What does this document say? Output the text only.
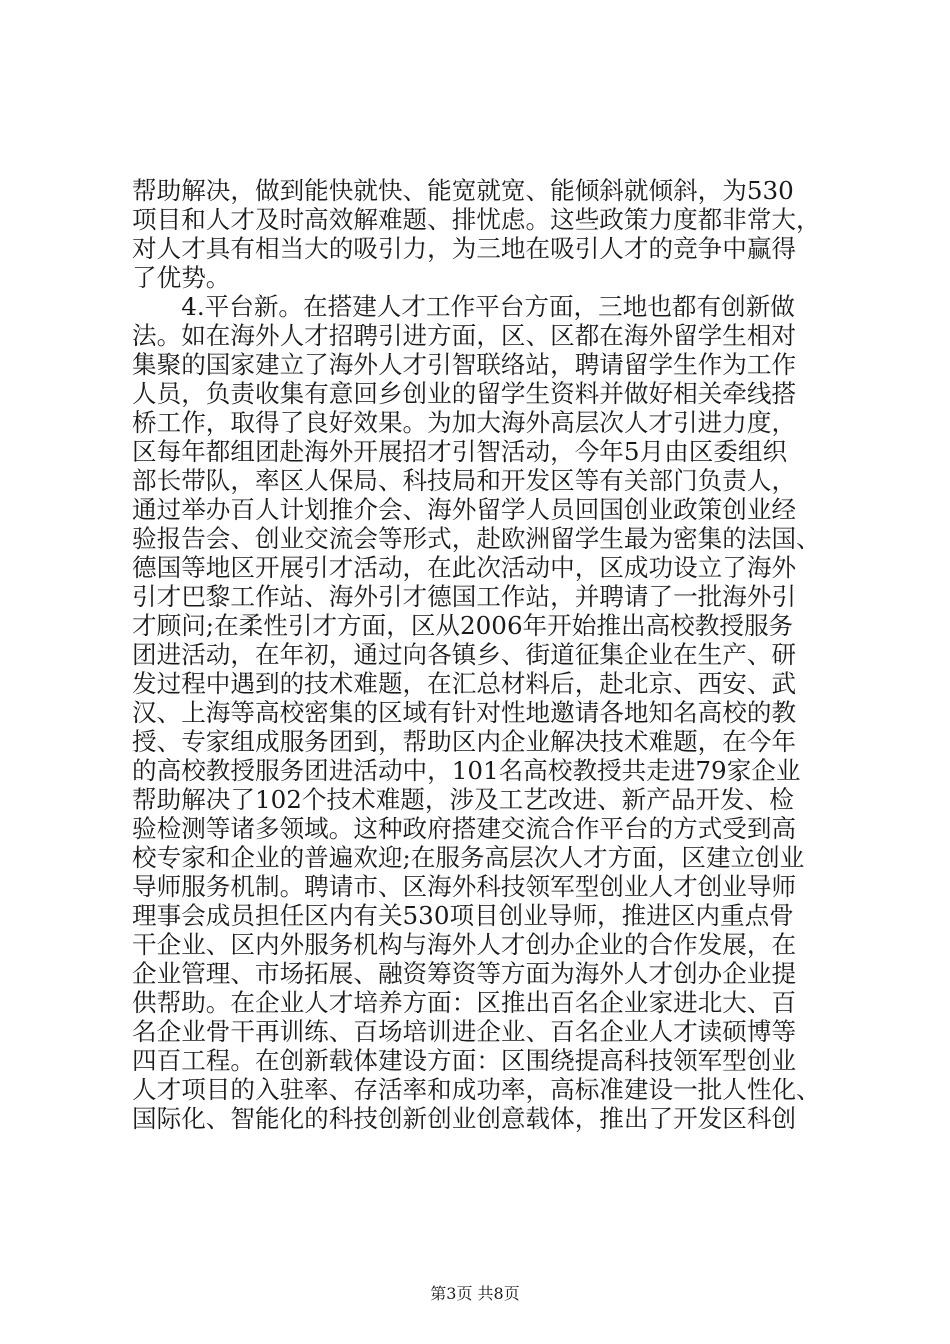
帮助解决，做到能快就快、能宽就宽、能倾斜就倾斜，为530
项目和人才及时高效解难题、排忧虑。这些政策力度都非常大，
对人才具有相当大的吸引力，为三地在吸引人才的竞争中赢得
了优势。
　　4.平台新。在搭建人才工作平台方面，三地也都有创新做
法。如在海外人才招聘引进方面，区、区都在海外留学生相对
集聚的国家建立了海外人才引智联络站，聘请留学生作为工作
人员，负责收集有意回乡创业的留学生资料并做好相关牵线搭
桥工作，取得了良好效果。为加大海外高层次人才引进力度，
区每年都组团赴海外开展招才引智活动，今年5月由区委组织
部长带队，率区人保局、科技局和开发区等有关部门负责人，
通过举办百人计划推介会、海外留学人员回国创业政策创业经
验报告会、创业交流会等形式，赴欧洲留学生最为密集的法国、
德国等地区开展引才活动，在此次活动中，区成功设立了海外
引才巴黎工作站、海外引才德国工作站，并聘请了一批海外引
才顾问;在柔性引才方面，区从2006年开始推出高校教授服务
团进活动，在年初，通过向各镇乡、街道征集企业在生产、研
发过程中遇到的技术难题，在汇总材料后，赴北京、西安、武
汉、上海等高校密集的区域有针对性地邀请各地知名高校的教
授、专家组成服务团到，帮助区内企业解决技术难题，在今年
的高校教授服务团进活动中，101名高校教授共走进79家企业
帮助解决了102个技术难题，涉及工艺改进、新产品开发、检
验检测等诸多领域。这种政府搭建交流合作平台的方式受到高
校专家和企业的普遍欢迎;在服务高层次人才方面，区建立创业
导师服务机制。聘请市、区海外科技领军型创业人才创业导师
理事会成员担任区内有关530项目创业导师，推进区内重点骨
干企业、区内外服务机构与海外人才创办企业的合作发展，在
企业管理、市场拓展、融资筹资等方面为海外人才创办企业提
供帮助。在企业人才培养方面：区推出百名企业家进北大、百
名企业骨干再训练、百场培训进企业、百名企业人才读硕博等
四百工程。在创新载体建设方面：区围绕提高科技领军型创业
人才项目的入驻率、存活率和成功率，高标准建设一批人性化、
国际化、智能化的科技创新创业创意载体，推出了开发区科创
第3页 共8页
